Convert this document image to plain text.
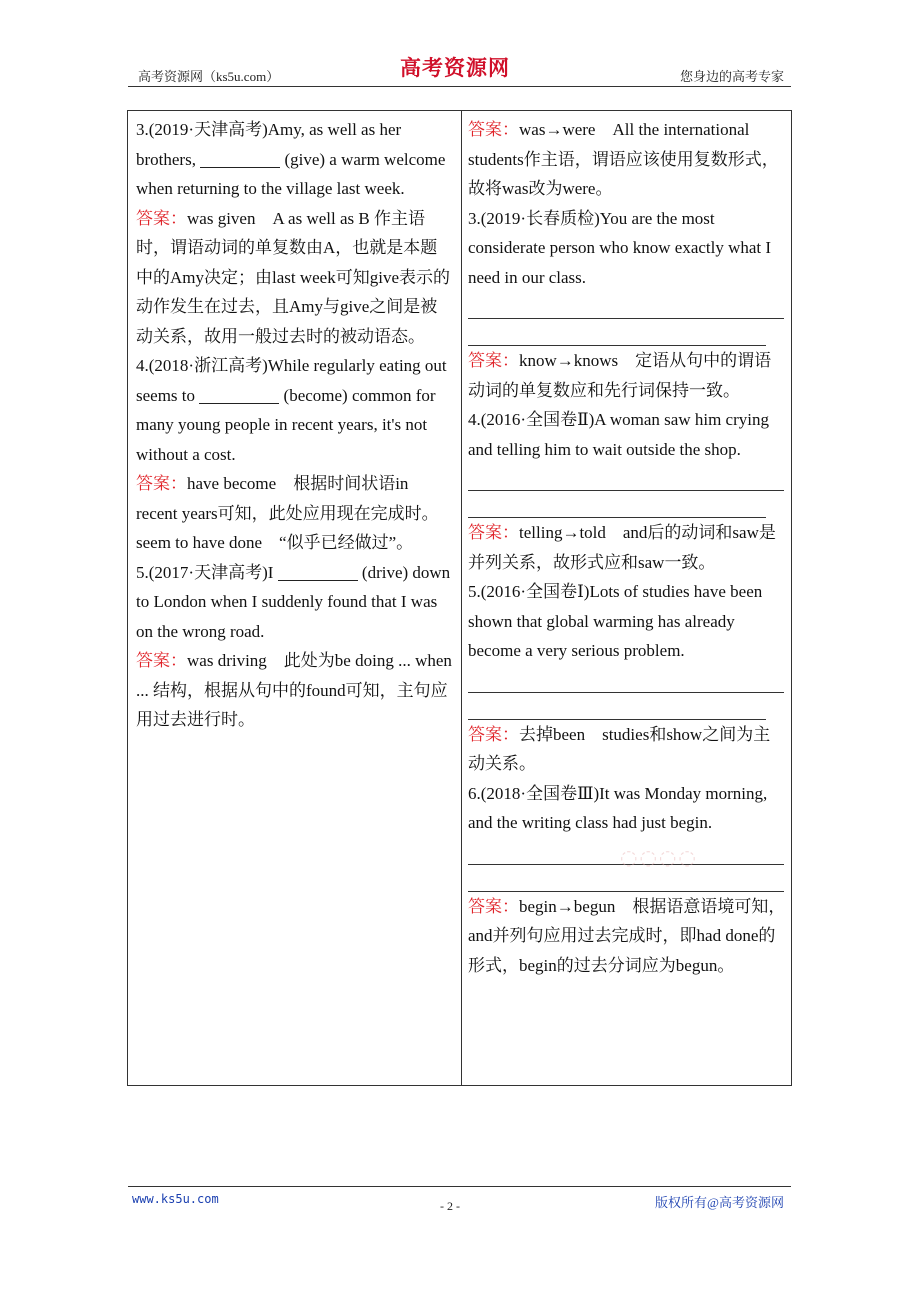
高考资源网（ks5u.com）	高考资源网	您身边的高考专家

3.(2019·天津高考)Amy, as well as her brothers,	(give) a warm welcome when returning to the village last week.

答案：was given　A as well as B 作主语时，谓语动词的单复数由A，也就是本题中的Amy决定；由last week可知give表示的动作发生在过去，且Amy与give之间是被动关系，故用一般过去时的被动语态。

4.(2018·浙江高考)While regularly eating out seems to	(become) common for many young people in recent years, it's not without a cost.

答案：have become　根据时间状语in recent years可知，此处应用现在完成时。seem to have done　“似乎已经做过”。

5.(2017·天津高考)I	(drive) down to London when I suddenly found that I was on the wrong road.

答案：was driving　此处为be doing ... when ... 结构，根据从句中的found可知，主句应用过去进行时。

答案：was→were　All the international students作主语，谓语应该使用复数形式，故将was改为were。

3.(2019·长春质检)You are the most considerate person who know exactly what I need in our class.

答案：know→knows　定语从句中的谓语动词的单复数应和先行词保持一致。

4.(2016·全国卷Ⅱ)A woman saw him crying and telling him to wait outside the shop.

答案：telling→told　and后的动词和saw是并列关系，故形式应和saw一致。

5.(2016·全国卷Ⅰ)Lots of studies have been shown that global warming has already become a very serious problem.

答案：去掉been　studies和show之间为主动关系。

6.(2018·全国卷Ⅲ)It was Monday morning, and the writing class had just begin.

答案：begin→begun　根据语意语境可知，and并列句应用过去完成时，即had done的形式，begin的过去分词应为begun。

◌◌◌◌
www.ks5u.com	- 2 -	版权所有@高考资源网
